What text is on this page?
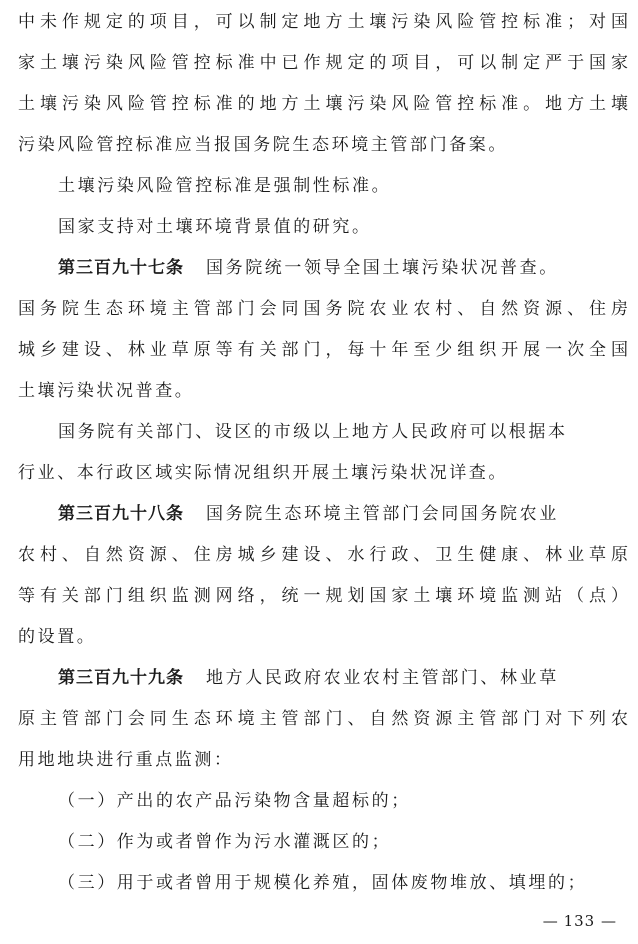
中未作规定的项目，可以制定地方土壤污染风险管控标准；对国
家土壤污染风险管控标准中已作规定的项目，可以制定严于国家
土壤污染风险管控标准的地方土壤污染风险管控标准。地方土壤
污染风险管控标准应当报国务院生态环境主管部门备案。
土壤污染风险管控标准是强制性标准。
国家支持对土壤环境背景值的研究。
第三百九十七条 国务院统一领导全国土壤污染状况普查。
国务院生态环境主管部门会同国务院农业农村、自然资源、住房
城乡建设、林业草原等有关部门，每十年至少组织开展一次全国
土壤污染状况普查。
国务院有关部门、设区的市级以上地方人民政府可以根据本
行业、本行政区域实际情况组织开展土壤污染状况详查。
第三百九十八条 国务院生态环境主管部门会同国务院农业
农村、自然资源、住房城乡建设、水行政、卫生健康、林业草原
等有关部门组织监测网络，统一规划国家土壤环境监测站（点）
的设置。
第三百九十九条 地方人民政府农业农村主管部门、林业草
原主管部门会同生态环境主管部门、自然资源主管部门对下列农
用地地块进行重点监测：
（一）产出的农产品污染物含量超标的；
（二）作为或者曾作为污水灌溉区的；
（三）用于或者曾用于规模化养殖，固体废物堆放、填埋的；
— 133 —
